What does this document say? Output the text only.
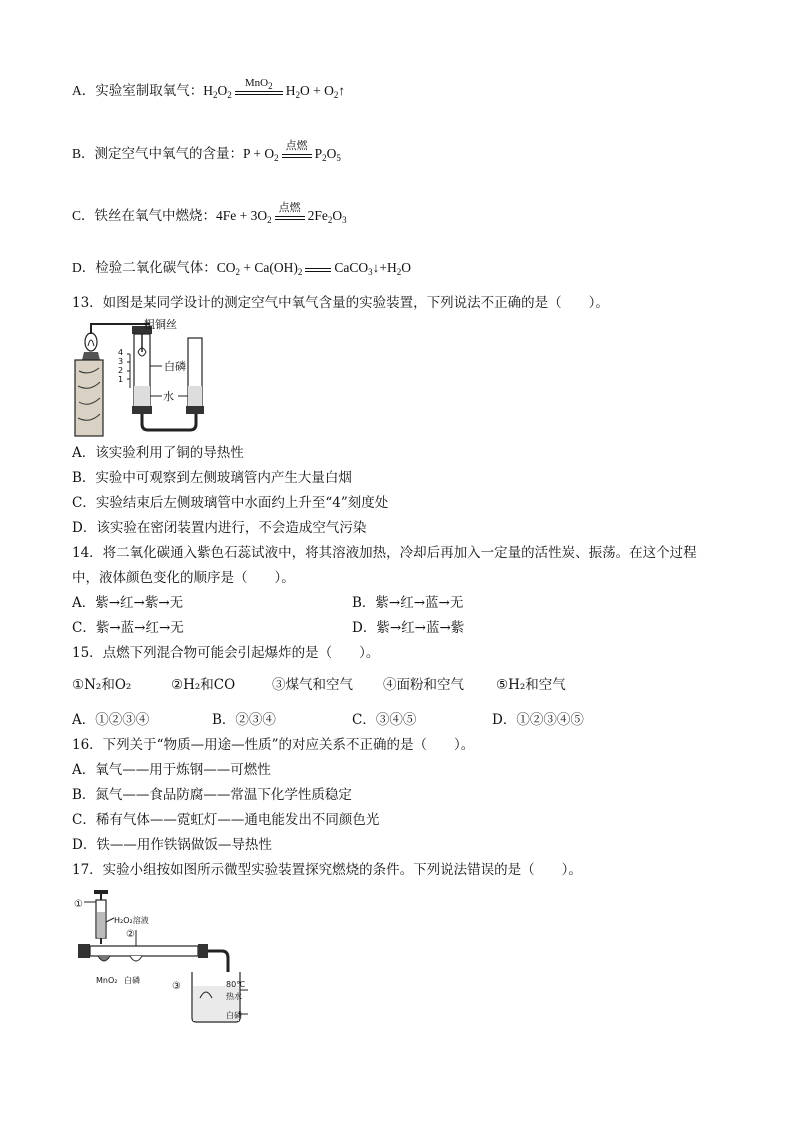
A．实验室制取氧气：$H_2O_2$
MnO$_2$ $H_2O$ + $O_2↑$
B．测定空气中氧气的含量：$P + O_2$
点燃
$P_2O_5$
C．铁丝在氧气中燃烧：$4Fe + 3O_2$
点燃
$2Fe_2O_3$
D．检验二氧化碳气体：$CO_2 + Ca(OH)_2$ $CaCO_3↓+H_2O$
13．如图是某同学设计的测定空气中氧气含量的实验装置，下列说法不正确的是（　　）。
粗铜丝
4
3
2
1
白磷
水
A．该实验利用了铜的导热性
B．实验中可观察到左侧玻璃管内产生大量白烟
C．实验结束后左侧玻璃管中水面约上升至“4”刻度处
D．该实验在密闭装置内进行，不会造成空气污染
14．将二氧化碳通入紫色石蕊试液中，将其溶液加热，冷却后再加入一定量的活性炭、振荡。在这个过程
中，液体颜色变化的顺序是（　　）。
A．紫→红→紫→无	B．紫→红→蓝→无
C．紫→蓝→红→无	D．紫→红→蓝→紫
15．点燃下列混合物可能会引起爆炸的是（　　）。
①N₂和O₂	②H₂和CO	③煤气和空气 ④面粉和空气 ⑤H₂和空气
A．①②③④	B．②③④	C．③④⑤	D．①②③④⑤
16．下列关于“物质—用途—性质”的对应关系不正确的是（　　）。
A．氧气——用于炼钢——可燃性
B．氮气——食品防腐——常温下化学性质稳定
C．稀有气体——霓虹灯——通电能发出不同颜色光
D．铁——用作铁锅做饭—导热性
17．实验小组按如图所示微型实验装置探究燃烧的条件。下列说法错误的是（　　）。
①
H₂O₂溶液
②
MnO₂ 白磷
③	80℃
热水
白磷
